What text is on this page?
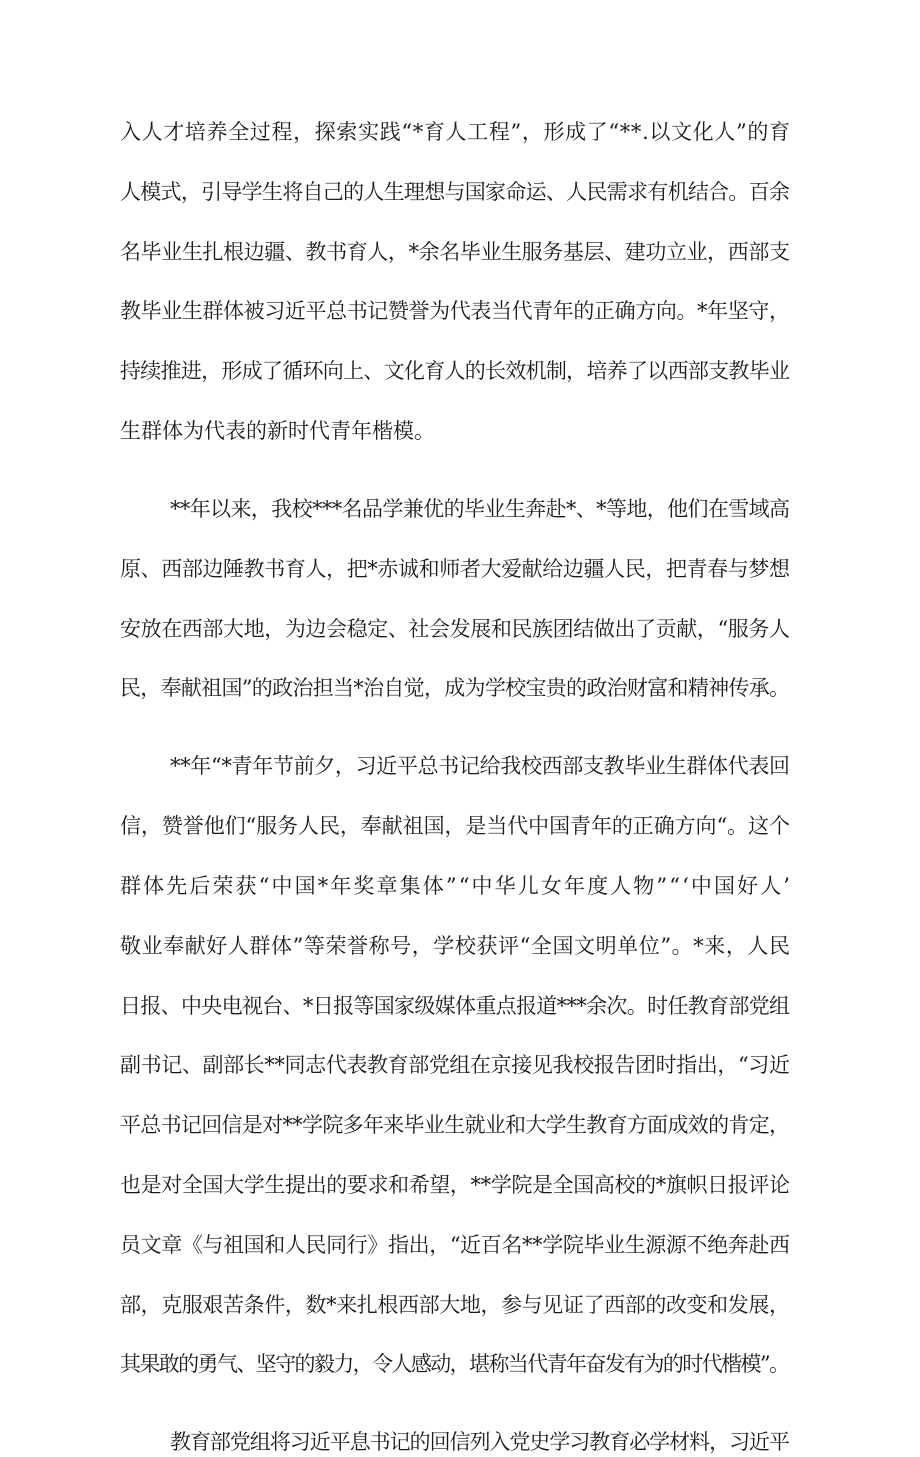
入人才培养全过程，探索实践“*育人工程”，形成了“**.以文化人”的育
人模式，引导学生将自己的人生理想与国家命运、人民需求有机结合。百余
名毕业生扎根边疆、教书育人，*余名毕业生服务基层、建功立业，西部支
教毕业生群体被习近平总书记赞誉为代表当代青年的正确方向。*年坚守，
持续推进，形成了循环向上、文化育人的长效机制，培养了以西部支教毕业
生群体为代表的新时代青年楷模。
**年以来，我校***名品学兼优的毕业生奔赴*、*等地，他们在雪域高
原、西部边陲教书育人，把*赤诚和师者大爱献给边疆人民，把青春与梦想
安放在西部大地，为边会稳定、社会发展和民族团结做出了贡献，“服务人
民，奉献祖国”的政治担当*治自觉，成为学校宝贵的政治财富和精神传承。
**年“*青年节前夕，习近平总书记给我校西部支教毕业生群体代表回
信，赞誉他们“服务人民，奉献祖国，是当代中国青年的正确方向“。这个
群体先后荣获“中国*年奖章集体”“中华儿女年度人物”“‘中国好人’
敬业奉献好人群体”等荣誉称号，学校获评“全国文明单位”。*来，人民
日报、中央电视台、*日报等国家级媒体重点报道***余次。时任教育部党组
副书记、副部长**同志代表教育部党组在京接见我校报告团时指出，“习近
平总书记回信是对**学院多年来毕业生就业和大学生教育方面成效的肯定，
也是对全国大学生提出的要求和希望，**学院是全国高校的*旗帜日报评论
员文章《与祖国和人民同行》指出，“近百名**学院毕业生源源不绝奔赴西
部，克服艰苦条件，数*来扎根西部大地，参与见证了西部的改变和发展，
其果敢的勇气、坚守的毅力，令人感动，堪称当代青年奋发有为的时代楷模”。
教育部党组将习近平息书记的回信列入党史学习教育必学材料，习近平
